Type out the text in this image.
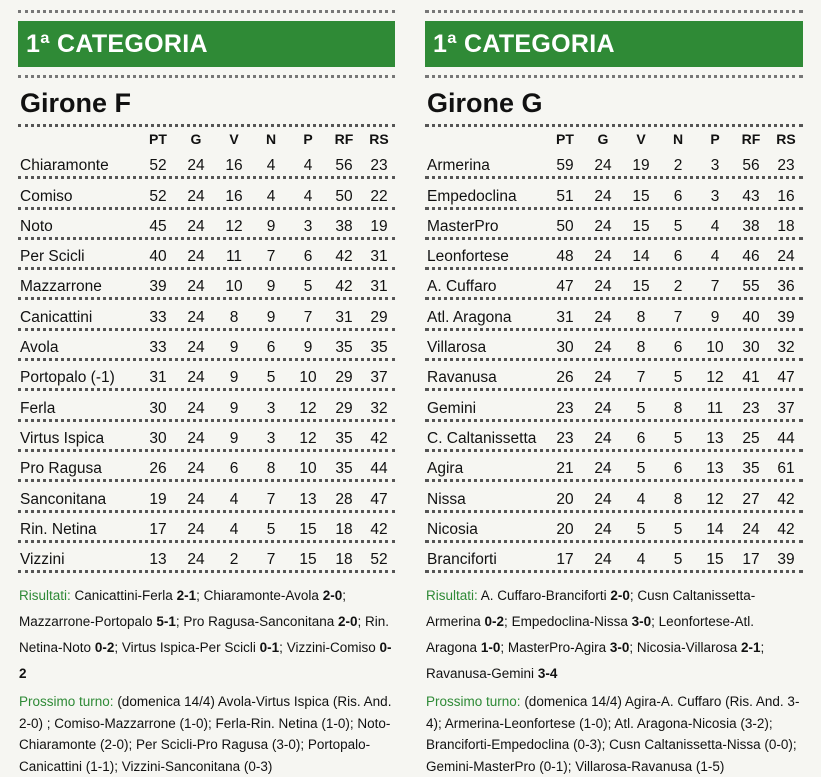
1ª CATEGORIA
Girone F
PT	G	V	N	P	RF	RS
Chiaramonte	52	24	16	4	4	56	23
Comiso	52	24	16	4	4	50	22
Noto	45	24	12	9	3	38	19
Per Scicli	40	24	11	7	6	42	31
Mazzarrone	39	24	10	9	5	42	31
Canicattini	33	24	8	9	7	31	29
Avola	33	24	9	6	9	35	35
Portopalo (-1)	31	24	9	5	10	29	37
Ferla	30	24	9	3	12	29	32
Virtus Ispica	30	24	9	3	12	35	42
Pro Ragusa	26	24	6	8	10	35	44
Sanconitana	19	24	4	7	13	28	47
Rin. Netina	17	24	4	5	15	18	42
Vizzini	13	24	2	7	15	18	52
Risultati: Canicattini-Ferla 2-1; Chiaramonte-Avola 2-0; Mazzarrone-Portopalo 5-1; Pro Ragusa-Sanconitana 2-0; Rin. Netina-Noto 0-2; Virtus Ispica-Per Scicli 0-1; Vizzini-Comiso 0-2
Prossimo turno: (domenica 14/4) Avola-Virtus Ispica (Ris. And. 2-0) ; Comiso-Mazzarrone (1-0); Ferla-Rin. Netina (1-0); Noto-Chiaramonte (2-0); Per Scicli-Pro Ragusa (3-0); Portopalo-Canicattini (1-1); Vizzini-Sanconitana (0-3)
1ª CATEGORIA
Girone G
PT	G	V	N	P	RF	RS
Armerina	59	24	19	2	3	56	23
Empedoclina	51	24	15	6	3	43	16
MasterPro	50	24	15	5	4	38	18
Leonfortese	48	24	14	6	4	46	24
A. Cuffaro	47	24	15	2	7	55	36
Atl. Aragona	31	24	8	7	9	40	39
Villarosa	30	24	8	6	10	30	32
Ravanusa	26	24	7	5	12	41	47
Gemini	23	24	5	8	11	23	37
C. Caltanissetta	23	24	6	5	13	25	44
Agira	21	24	5	6	13	35	61
Nissa	20	24	4	8	12	27	42
Nicosia	20	24	5	5	14	24	42
Branciforti	17	24	4	5	15	17	39
Risultati: A. Cuffaro-Branciforti 2-0; Cusn Caltanissetta-Armerina 0-2; Empedoclina-Nissa 3-0; Leonfortese-Atl. Aragona 1-0; MasterPro-Agira 3-0; Nicosia-Villarosa 2-1; Ravanusa-Gemini 3-4
Prossimo turno: (domenica 14/4) Agira-A. Cuffaro (Ris. And. 3-4); Armerina-Leonfortese (1-0); Atl. Aragona-Nicosia (3-2); Branciforti-Empedoclina (0-3); Cusn Caltanissetta-Nissa (0-0); Gemini-MasterPro (0-1); Villarosa-Ravanusa (1-5)
